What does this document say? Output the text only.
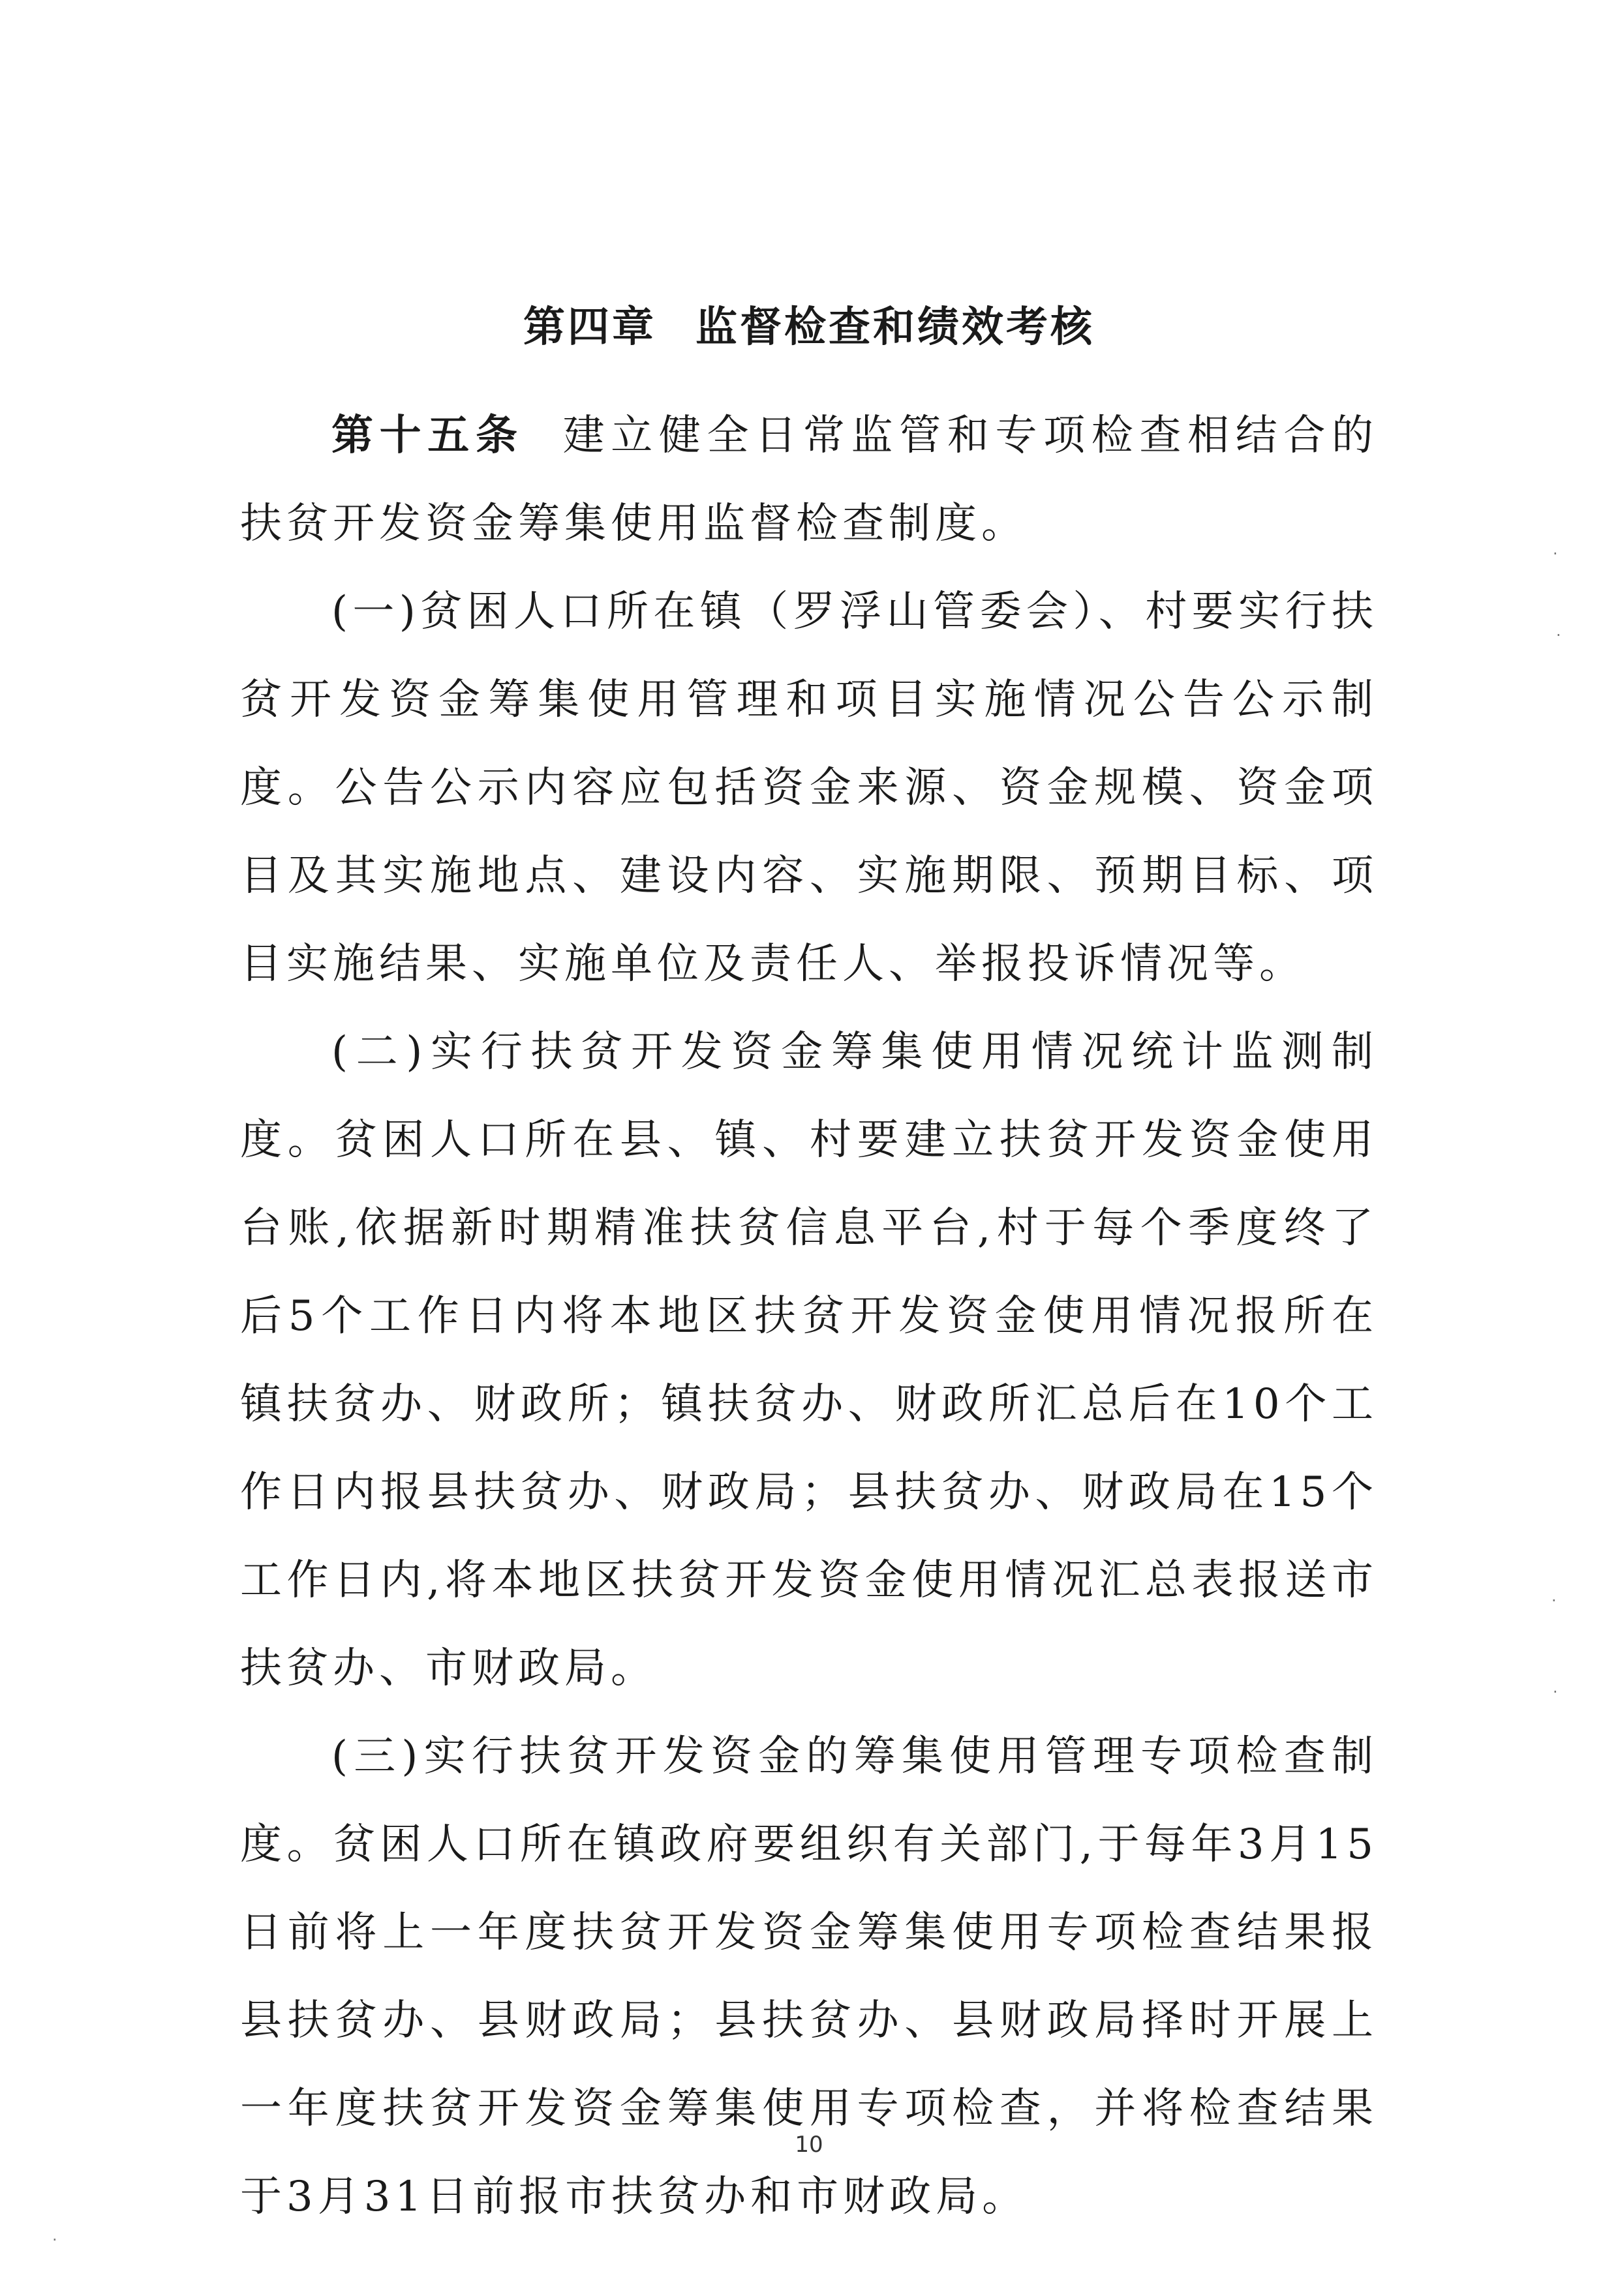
第四章 监督检查和绩效考核

第十五条 建立健全日常监管和专项检查相结合的扶贫开发资金筹集使用监督检查制度。

(一)贫困人口所在镇（罗浮山管委会）、村要实行扶贫开发资金筹集使用管理和项目实施情况公告公示制度。公告公示内容应包括资金来源、资金规模、资金项目及其实施地点、建设内容、实施期限、预期目标、项目实施结果、实施单位及责任人、举报投诉情况等。

(二)实行扶贫开发资金筹集使用情况统计监测制度。贫困人口所在县、镇、村要建立扶贫开发资金使用台账,依据新时期精准扶贫信息平台,村于每个季度终了后5个工作日内将本地区扶贫开发资金使用情况报所在镇扶贫办、财政所；镇扶贫办、财政所汇总后在10个工作日内报县扶贫办、财政局；县扶贫办、财政局在15个工作日内,将本地区扶贫开发资金使用情况汇总表报送市扶贫办、市财政局。

(三)实行扶贫开发资金的筹集使用管理专项检查制度。贫困人口所在镇政府要组织有关部门,于每年3月15日前将上一年度扶贫开发资金筹集使用专项检查结果报县扶贫办、县财政局；县扶贫办、县财政局择时开展上一年度扶贫开发资金筹集使用专项检查，并将检查结果于3月31日前报市扶贫办和市财政局。

10
·
·
·
·
·
